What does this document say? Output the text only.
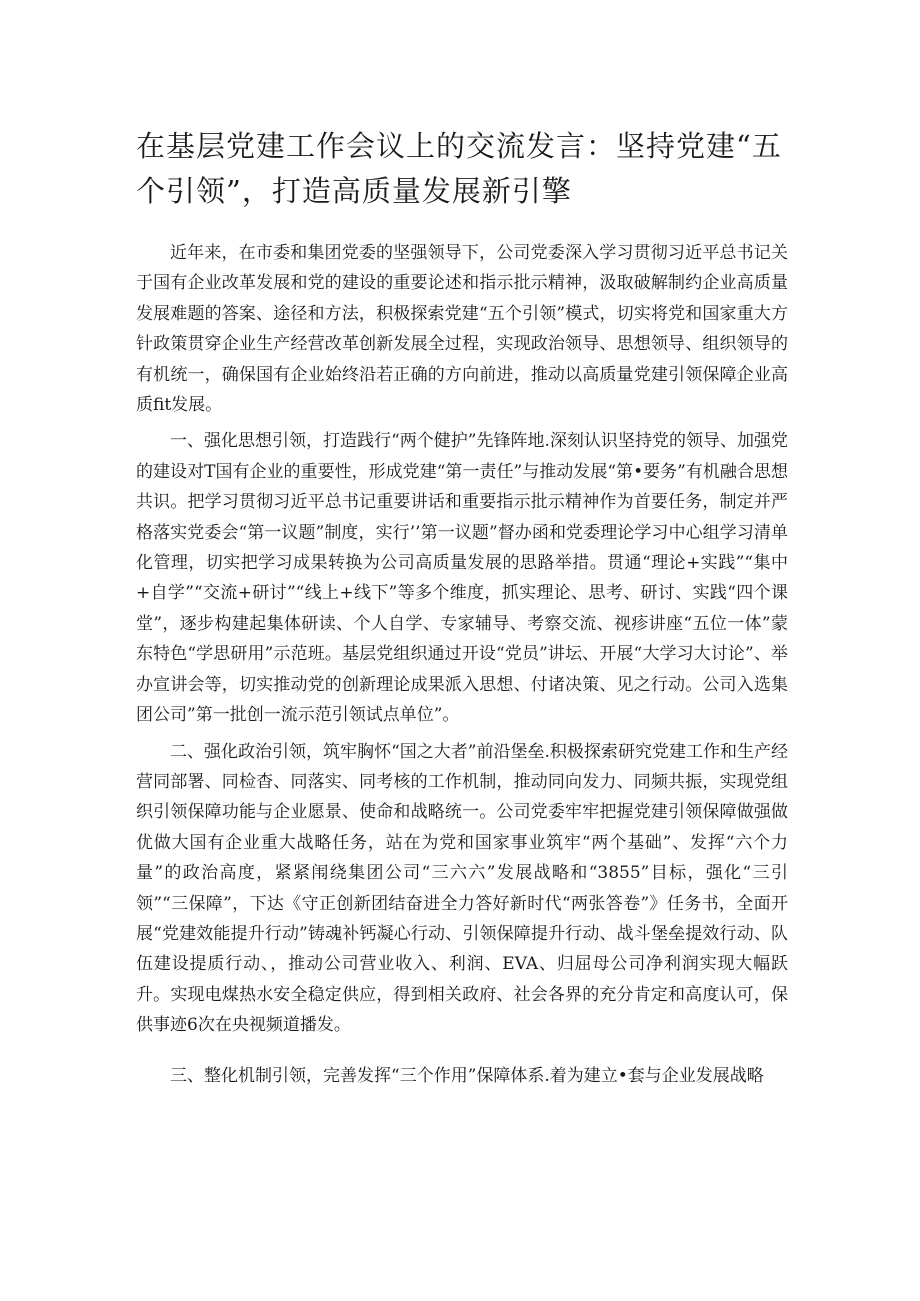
在基层党建工作会议上的交流发言：坚持党建“五个引领”，打造高质量发展新引擎

近年来，在市委和集团党委的坚强领导下，公司党委深入学习贯彻习近平总书记关于国有企业改革发展和党的建设的重要论述和指示批示精神，汲取破解制约企业高质量发展难题的答案、途径和方法，积极探索党建“五个引领”模式，切实将党和国家重大方针政策贯穿企业生产经营改革创新发展全过程，实现政治领导、思想领导、组织领导的有机统一，确保国有企业始终沿若正确的方向前进，推动以高质量党建引领保障企业高质fit发展。

一、强化思想引领，打造践行“两个健护”先锋阵地.深刻认识坚持党的领导、加强党的建设对T国有企业的重要性，形成党建“第一责任”与推动发展“第•要务”有机融合思想共识。把学习贯彻习近平总书记重要讲话和重要指示批示精神作为首要任务，制定并严格落实党委会“第一议题”制度，实行’’第一议题”督办函和党委理论学习中心组学习清单化管理，切实把学习成果转换为公司高质量发展的思路举措。贯通“理论+实践”“集中+自学”“交流+研讨”“线上+线下”等多个维度，抓实理论、思考、研讨、实践“四个课堂”，逐步构建起集体研读、个人自学、专家辅导、考察交流、视疹讲座“五位一体”蒙东特色“学思研用”示范班。基层党组织通过开设“党员”讲坛、开展“大学习大讨论”、举办宣讲会等，切实推动党的创新理论成果派入思想、付诸决策、见之行动。公司入选集团公司”第一批创一流示范引领试点单位”。

二、强化政治引领，筑牢胸怀“国之大者”前沿堡垒.积极探索研究党建工作和生产经营同部署、同检杳、同落实、同考核的工作机制，推动同向发力、同频共振，实现党组织引领保障功能与企业愿景、使命和战略统一。公司党委牢牢把握党建引领保障做强做优做大国有企业重大战略任务，站在为党和国家事业筑牢“两个基础”、发挥“六个力量”的政治高度，紧紧闱绕集团公司“三六六”发展战略和“3855”目标，强化“三引领”“三保障”，下达《守正创新团结奋进全力答好新时代“两张答卷”》任务书，全面开展“党建效能提升行动”铸魂补钙凝心行动、引领保障提升行动、战斗堡垒提效行动、队伍建设提质行动、，推动公司营业收入、利润、EVA、归屈母公司净利润实现大幅跃升。实现电煤热水安全稳定供应，得到相关政府、社会各界的充分肯定和高度认可，保供事迹6次在央视频道播发。

三、整化机制引领，完善发挥“三个作用”保障体系.着为建立•套与企业发展战略
